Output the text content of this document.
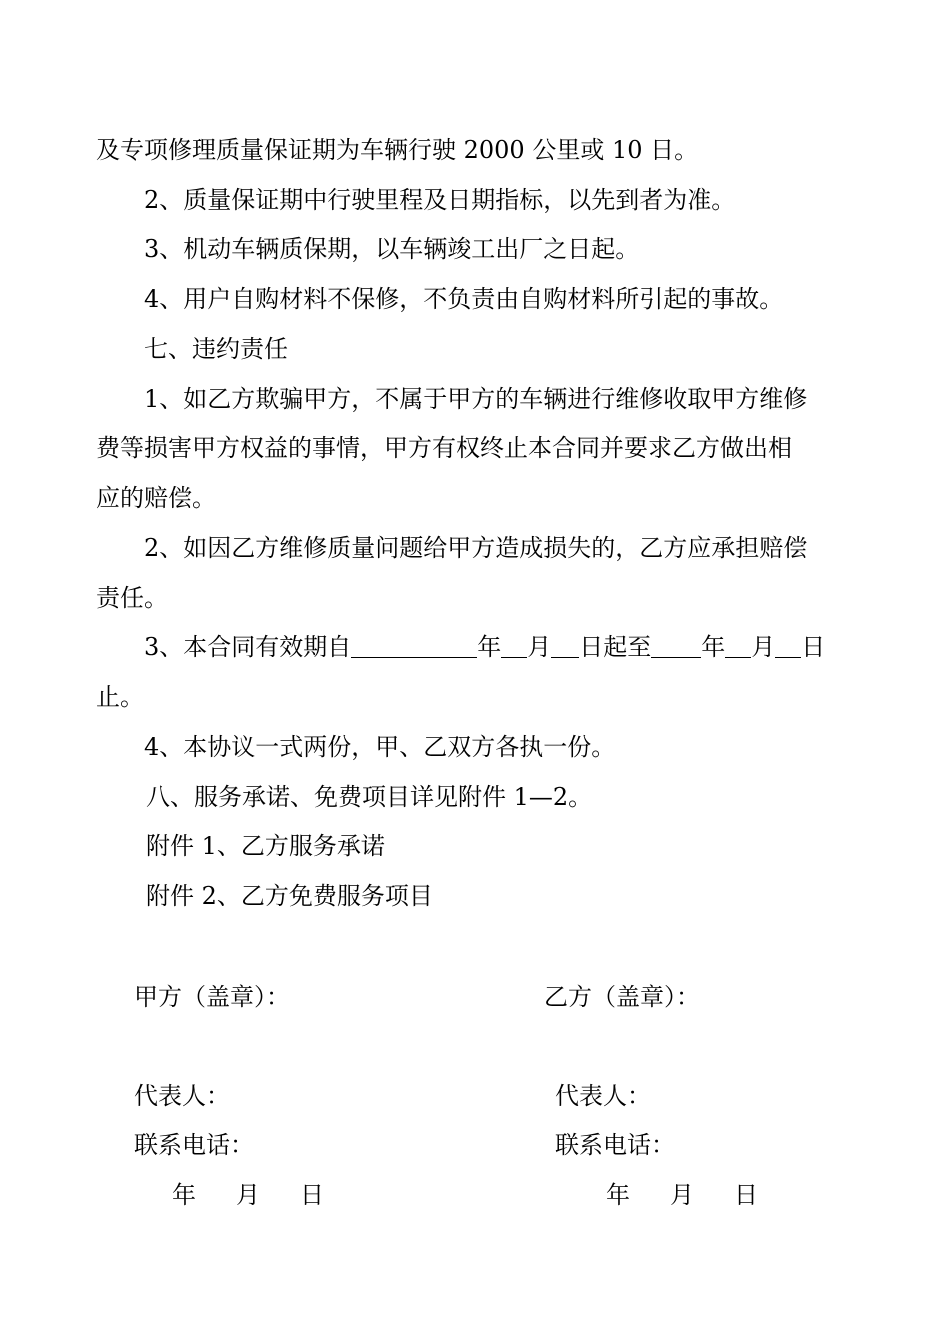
及专项修理质量保证期为车辆行驶 2000 公里或 10 日。
2、质量保证期中行驶里程及日期指标，以先到者为准。
3、机动车辆质保期，以车辆竣工出厂之日起。
4、用户自购材料不保修，不负责由自购材料所引起的事故。
七、违约责任
1、如乙方欺骗甲方，不属于甲方的车辆进行维修收取甲方维修
费等损害甲方权益的事情，甲方有权终止本合同并要求乙方做出相
应的赔偿。
2、如因乙方维修质量问题给甲方造成损失的，乙方应承担赔偿
责任。
3、本合同有效期自	年 月 日起至 年 月 日
止。
4、本协议一式两份，甲、乙双方各执一份。
八、服务承诺、免费项目详见附件 1—2。
附件 1、乙方服务承诺
附件 2、乙方免费服务项目
甲方（盖章）：	乙方（盖章）：
代表人：	代表人：
联系电话：	联系电话：
年 月 日	年 月 日
